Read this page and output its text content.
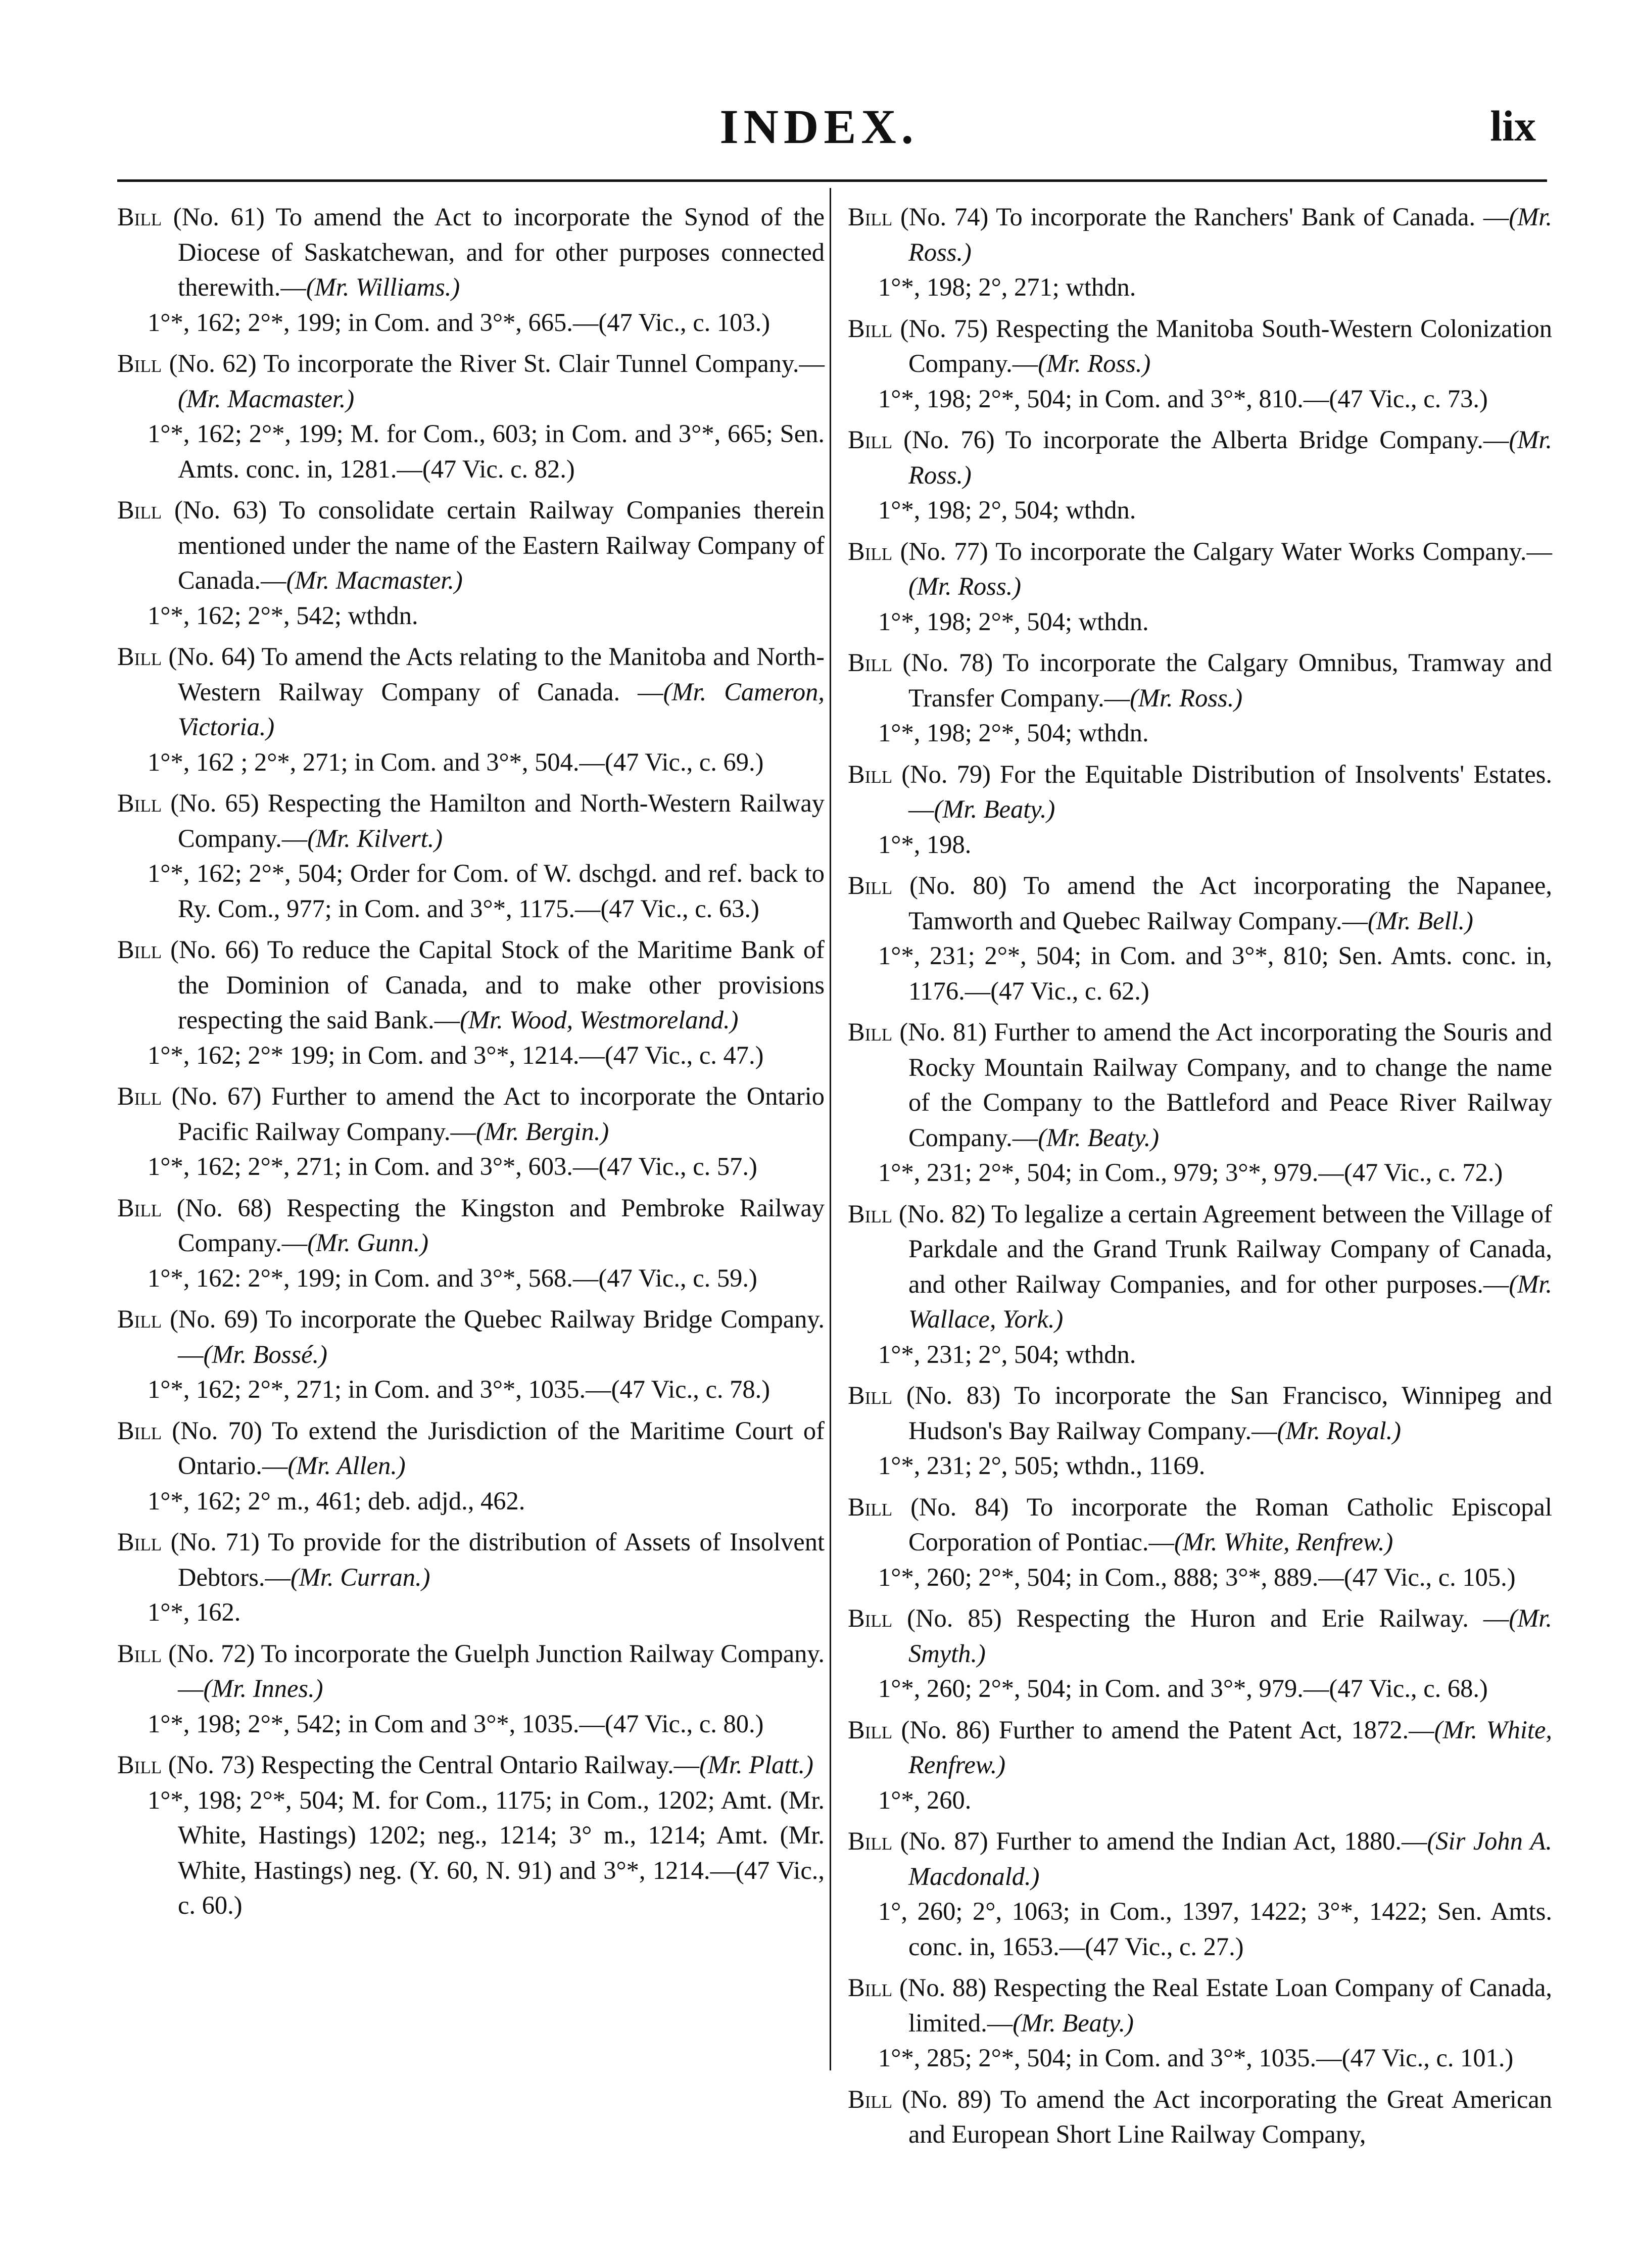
INDEX.	lix
Bill (No. 61) To amend the Act to incorporate the Synod of the Diocese of Saskatchewan, and for other purposes connected therewith.—(Mr. Williams.)
1°*, 162; 2°*, 199; in Com. and 3°*, 665.—(47 Vic., c. 103.)
Bill (No. 62) To incorporate the River St. Clair Tunnel Company.—(Mr. Macmaster.)
1°*, 162; 2°*, 199; M. for Com., 603; in Com. and 3°*, 665; Sen. Amts. conc. in, 1281.—(47 Vic. c. 82.)
Bill (No. 63) To consolidate certain Railway Companies therein mentioned under the name of the Eastern Railway Company of Canada.—(Mr. Macmaster.)
1°*, 162; 2°*, 542; wthdn.
Bill (No. 64) To amend the Acts relating to the Manitoba and North-Western Railway Company of Canada. —(Mr. Cameron, Victoria.)
1°*, 162 ; 2°*, 271; in Com. and 3°*, 504.—(47 Vic., c. 69.)
Bill (No. 65) Respecting the Hamilton and North-Western Railway Company.—(Mr. Kilvert.)
1°*, 162; 2°*, 504; Order for Com. of W. dschgd. and ref. back to Ry. Com., 977; in Com. and 3°*, 1175.—(47 Vic., c. 63.)
Bill (No. 66) To reduce the Capital Stock of the Maritime Bank of the Dominion of Canada, and to make other provisions respecting the said Bank.—(Mr. Wood, Westmoreland.)
1°*, 162; 2°* 199; in Com. and 3°*, 1214.—(47 Vic., c. 47.)
Bill (No. 67) Further to amend the Act to incorporate the Ontario Pacific Railway Company.—(Mr. Bergin.)
1°*, 162; 2°*, 271; in Com. and 3°*, 603.—(47 Vic., c. 57.)
Bill (No. 68) Respecting the Kingston and Pembroke Railway Company.—(Mr. Gunn.)
1°*, 162: 2°*, 199; in Com. and 3°*, 568.—(47 Vic., c. 59.)
Bill (No. 69) To incorporate the Quebec Railway Bridge Company.—(Mr. Bossé.)
1°*, 162; 2°*, 271; in Com. and 3°*, 1035.—(47 Vic., c. 78.)
Bill (No. 70) To extend the Jurisdiction of the Maritime Court of Ontario.—(Mr. Allen.)
1°*, 162; 2° m., 461; deb. adjd., 462.
Bill (No. 71) To provide for the distribution of Assets of Insolvent Debtors.—(Mr. Curran.)
1°*, 162.
Bill (No. 72) To incorporate the Guelph Junction Railway Company.—(Mr. Innes.)
1°*, 198; 2°*, 542; in Com and 3°*, 1035.—(47 Vic., c. 80.)
Bill (No. 73) Respecting the Central Ontario Railway.—(Mr. Platt.)
1°*, 198; 2°*, 504; M. for Com., 1175; in Com., 1202; Amt. (Mr. White, Hastings) 1202; neg., 1214; 3° m., 1214; Amt. (Mr. White, Hastings) neg. (Y. 60, N. 91) and 3°*, 1214.—(47 Vic., c. 60.)
Bill (No. 74) To incorporate the Ranchers' Bank of Canada. —(Mr. Ross.)
1°*, 198; 2°, 271; wthdn.
Bill (No. 75) Respecting the Manitoba South-Western Colonization Company.—(Mr. Ross.)
1°*, 198; 2°*, 504; in Com. and 3°*, 810.—(47 Vic., c. 73.)
Bill (No. 76) To incorporate the Alberta Bridge Company.—(Mr. Ross.)
1°*, 198; 2°, 504; wthdn.
Bill (No. 77) To incorporate the Calgary Water Works Company.—(Mr. Ross.)
1°*, 198; 2°*, 504; wthdn.
Bill (No. 78) To incorporate the Calgary Omnibus, Tramway and Transfer Company.—(Mr. Ross.)
1°*, 198; 2°*, 504; wthdn.
Bill (No. 79) For the Equitable Distribution of Insolvents' Estates.—(Mr. Beaty.)
1°*, 198.
Bill (No. 80) To amend the Act incorporating the Napanee, Tamworth and Quebec Railway Company.—(Mr. Bell.)
1°*, 231; 2°*, 504; in Com. and 3°*, 810; Sen. Amts. conc. in, 1176.—(47 Vic., c. 62.)
Bill (No. 81) Further to amend the Act incorporating the Souris and Rocky Mountain Railway Company, and to change the name of the Company to the Battleford and Peace River Railway Company.—(Mr. Beaty.)
1°*, 231; 2°*, 504; in Com., 979; 3°*, 979.—(47 Vic., c. 72.)
Bill (No. 82) To legalize a certain Agreement between the Village of Parkdale and the Grand Trunk Railway Company of Canada, and other Railway Companies, and for other purposes.—(Mr. Wallace, York.)
1°*, 231; 2°, 504; wthdn.
Bill (No. 83) To incorporate the San Francisco, Winnipeg and Hudson's Bay Railway Company.—(Mr. Royal.)
1°*, 231; 2°, 505; wthdn., 1169.
Bill (No. 84) To incorporate the Roman Catholic Episcopal Corporation of Pontiac.—(Mr. White, Renfrew.)
1°*, 260; 2°*, 504; in Com., 888; 3°*, 889.—(47 Vic., c. 105.)
Bill (No. 85) Respecting the Huron and Erie Railway. —(Mr. Smyth.)
1°*, 260; 2°*, 504; in Com. and 3°*, 979.—(47 Vic., c. 68.)
Bill (No. 86) Further to amend the Patent Act, 1872.—(Mr. White, Renfrew.)
1°*, 260.
Bill (No. 87) Further to amend the Indian Act, 1880.—(Sir John A. Macdonald.)
1°, 260; 2°, 1063; in Com., 1397, 1422; 3°*, 1422; Sen. Amts. conc. in, 1653.—(47 Vic., c. 27.)
Bill (No. 88) Respecting the Real Estate Loan Company of Canada, limited.—(Mr. Beaty.)
1°*, 285; 2°*, 504; in Com. and 3°*, 1035.—(47 Vic., c. 101.)
Bill (No. 89) To amend the Act incorporating the Great American and European Short Line Railway Company,
